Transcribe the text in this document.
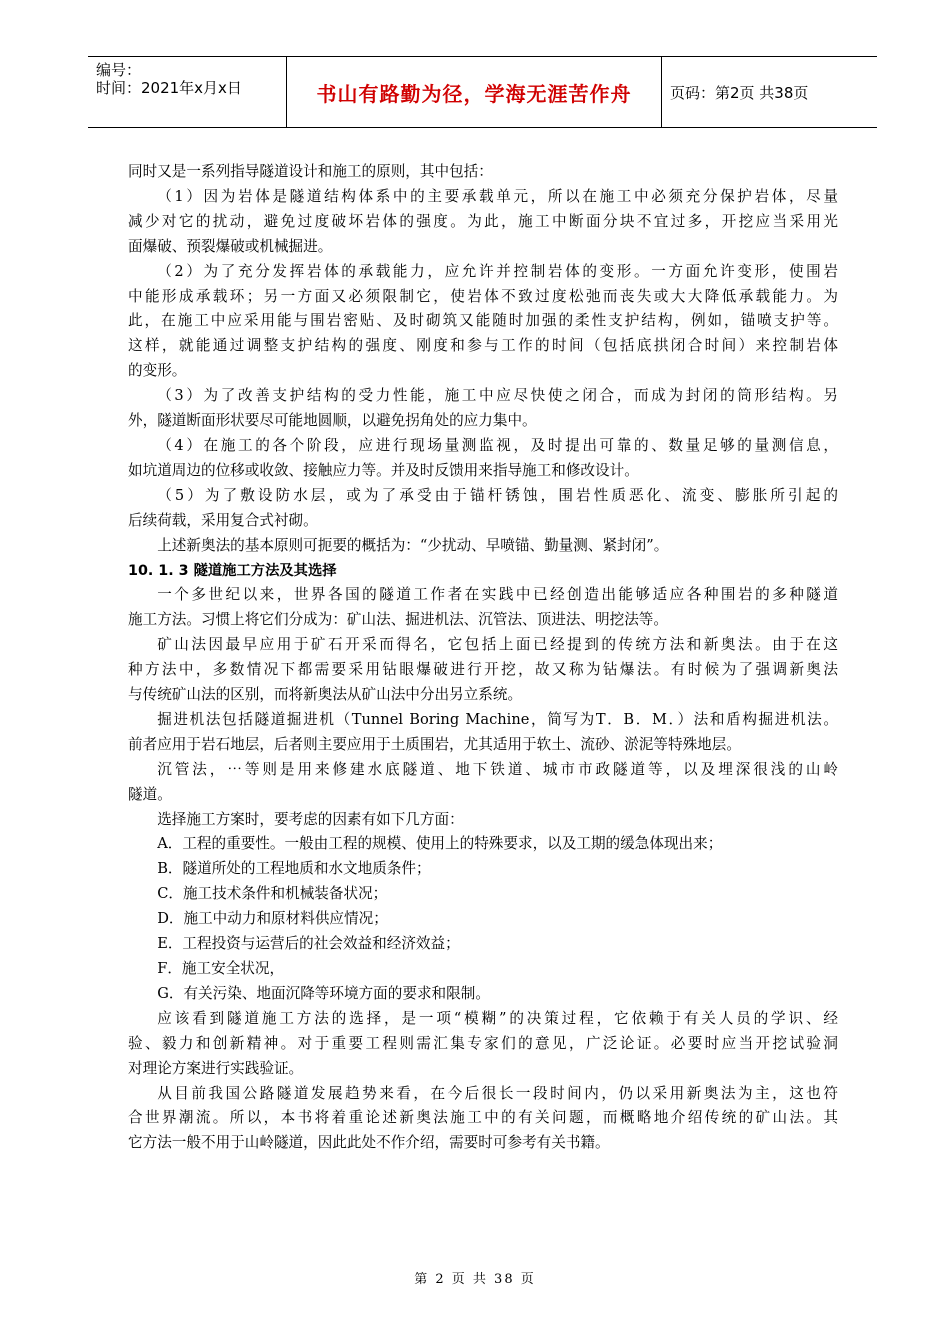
编号：
时间：2021年x月x日	书山有路勤为径，学海无涯苦作舟	页码：第2页 共38页

同时又是一系列指导隧道设计和施工的原则，其中包括：

（1）因为岩体是隧道结构体系中的主要承载单元，所以在施工中必须充分保护岩体，尽量

减少对它的扰动，避免过度破坏岩体的强度。为此，施工中断面分块不宜过多，开挖应当采用光

面爆破、预裂爆破或机械掘进。

（2）为了充分发挥岩体的承载能力，应允许并控制岩体的变形。一方面允许变形，使围岩

中能形成承载环；另一方面又必须限制它，使岩体不致过度松弛而丧失或大大降低承载能力。为

此，在施工中应采用能与围岩密贴、及时砌筑又能随时加强的柔性支护结构，例如，锚喷支护等。

这样，就能通过调整支护结构的强度、刚度和参与工作的时间（包括底拱闭合时间）来控制岩体

的变形。

（3）为了改善支护结构的受力性能，施工中应尽快使之闭合，而成为封闭的筒形结构。另

外，隧道断面形状要尽可能地圆顺，以避免拐角处的应力集中。

（4）在施工的各个阶段，应进行现场量测监视，及时提出可靠的、数量足够的量测信息，

如坑道周边的位移或收敛、接触应力等。并及时反馈用来指导施工和修改设计。

（5）为了敷设防水层，或为了承受由于锚杆锈蚀，围岩性质恶化、流变、膨胀所引起的

后续荷载，采用复合式衬砌。

上述新奥法的基本原则可扼要的概括为：“少扰动、早喷锚、勤量测、紧封闭”。

10. 1. 3 隧道施工方法及其选择

一个多世纪以来，世界各国的隧道工作者在实践中已经创造出能够适应各种围岩的多种隧道

施工方法。习惯上将它们分成为：矿山法、掘进机法、沉管法、顶进法、明挖法等。

矿山法因最早应用于矿石开采而得名，它包括上面已经提到的传统方法和新奥法。由于在这

种方法中，多数情况下都需要采用钻眼爆破进行开挖，故又称为钻爆法。有时候为了强调新奥法

与传统矿山法的区别，而将新奥法从矿山法中分出另立系统。

掘进机法包括隧道掘进机（Tunnel Boring Machine，简写为T．B．M．）法和盾构掘进机法。

前者应用于岩石地层，后者则主要应用于土质围岩，尤其适用于软土、流砂、淤泥等特殊地层。

沉管法，⋯等则是用来修建水底隧道、地下铁道、城市市政隧道等，以及埋深很浅的山岭

隧道。

选择施工方案时，要考虑的因素有如下几方面：

A．工程的重要性。一般由工程的规模、使用上的特殊要求，以及工期的缓急体现出来；

B．隧道所处的工程地质和水文地质条件；

C．施工技术条件和机械装备状况；

D．施工中动力和原材料供应情况；

E．工程投资与运营后的社会效益和经济效益；

F．施工安全状况，

G．有关污染、地面沉降等环境方面的要求和限制。

应该看到隧道施工方法的选择，是一项“模糊”的决策过程，它依赖于有关人员的学识、经

验、毅力和创新精神。对于重要工程则需汇集专家们的意见，广泛论证。必要时应当开挖试验洞

对理论方案进行实践验证。

从目前我国公路隧道发展趋势来看，在今后很长一段时间内，仍以采用新奥法为主，这也符

合世界潮流。所以，本书将着重论述新奥法施工中的有关问题，而概略地介绍传统的矿山法。其

它方法一般不用于山岭隧道，因此此处不作介绍，需要时可参考有关书籍。

第 2 页 共 38 页
